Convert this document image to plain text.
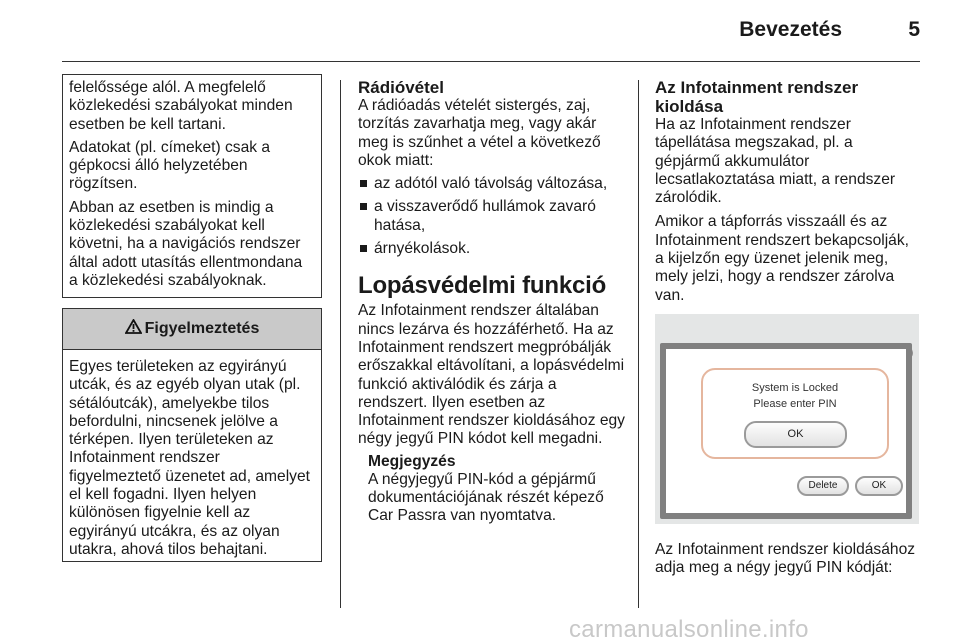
Bevezetés	5

felelőssége alól. A megfelelő közlekedési szabályokat minden esetben be kell tartani.

Adatokat (pl. címeket) csak a gépkocsi álló helyzetében rögzítsen.

Abban az esetben is mindig a közlekedési szabályokat kell követni, ha a navigációs rendszer által adott utasítás ellentmondana a közlekedési szabályoknak.

Figyelmeztetés

Egyes területeken az egyirányú utcák, és az egyéb olyan utak (pl. sétálóutcák), amelyekbe tilos befordulni, nincsenek jelölve a térképen. Ilyen területeken az Infotainment rendszer figyelmeztető üzenetet ad, amelyet el kell fogadni. Ilyen helyen különösen figyelnie kell az egyirányú utcákra, és az olyan utakra, ahová tilos behajtani.

Rádióvétel

A rádióadás vételét sistergés, zaj, torzítás zavarhatja meg, vagy akár meg is szűnhet a vétel a következő okok miatt:

az adótól való távolság változása,
a visszaverődő hullámok zavaró hatása,
árnyékolások.
Lopásvédelmi funkció

Az Infotainment rendszer általában nincs lezárva és hozzáférhető. Ha az Infotainment rendszert megpróbálják erőszakkal eltávolítani, a lopásvédelmi funkció aktiválódik és zárja a rendszert. Ilyen esetben az Infotainment rendszer kioldásához egy négy jegyű PIN kódot kell megadni.

Megjegyzés

A négyjegyű PIN-kód a gépjármű dokumentációjának részét képező Car Passra van nyomtatva.

Az Infotainment rendszer kioldása

Ha az Infotainment rendszer tápellátása megszakad, pl. a gépjármű akkumulátor lecsatlakoztatása miatt, a rendszer zárolódik.

Amikor a tápforrás visszaáll és az Infotainment rendszert bekapcsolják, a kijelzőn egy üzenet jelenik meg, mely jelzi, hogy a rendszer zárolva van.

System is Locked
Please enter PIN
OK
Delete	OK

Az Infotainment rendszer kioldásához adja meg a négy jegyű PIN kódját:

carmanualsonline.info
